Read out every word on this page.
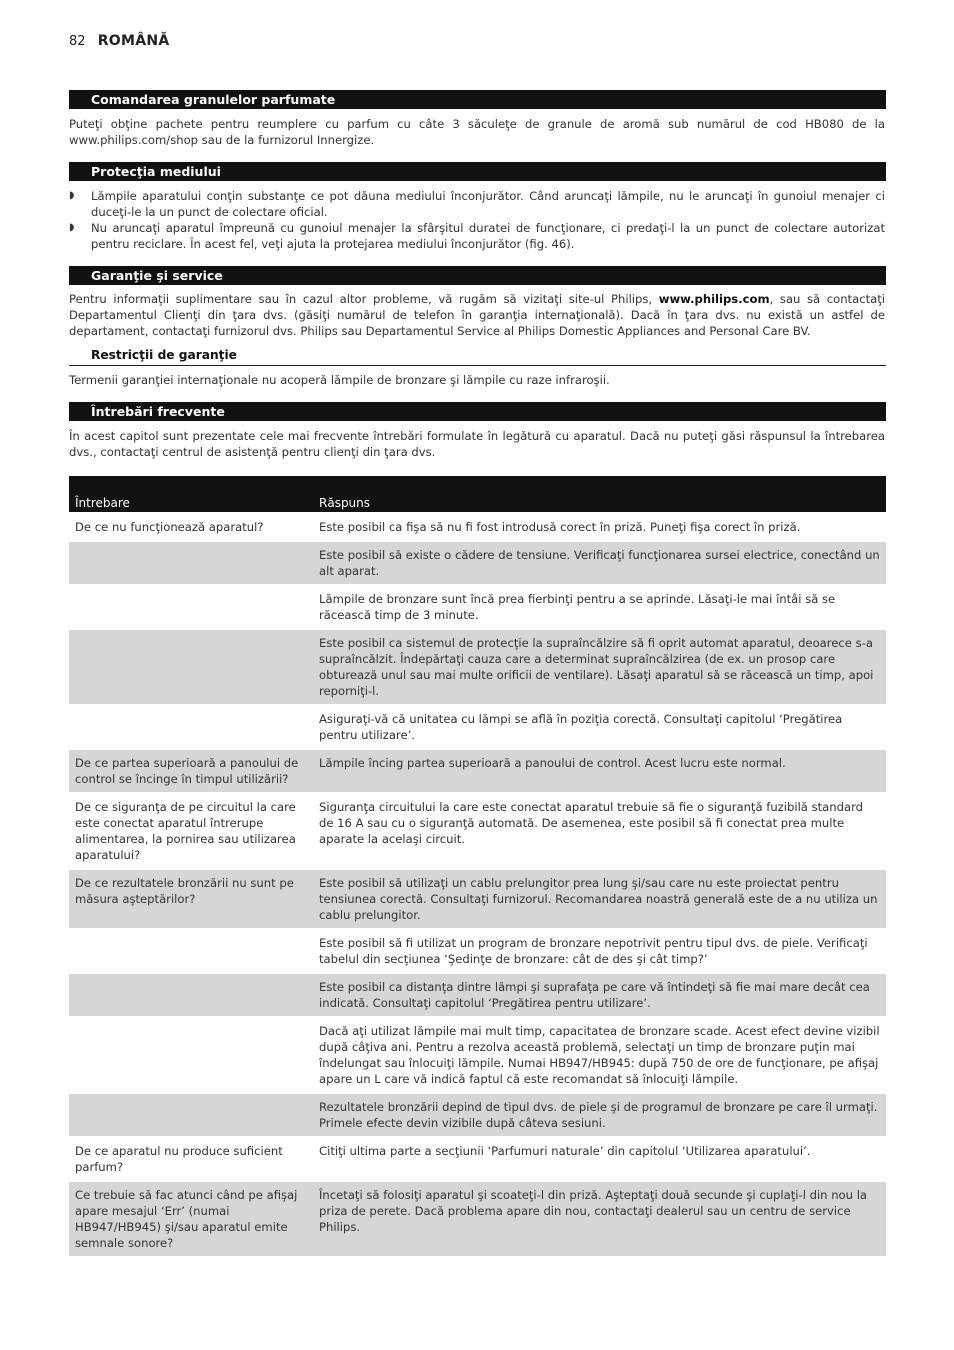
82 ROMÂNĂ
Comandarea granulelor parfumate
Puteţi obţine pachete pentru reumplere cu parfum cu câte 3 săculeţe de granule de aromă sub numărul de cod HB080 de la www.philips.com/shop sau de la furnizorul Innergize.
Protecţia mediului
◗ Lămpile aparatului conţin substanţe ce pot dăuna mediului înconjurător. Când aruncaţi lămpile, nu le aruncaţi în gunoiul menajer ci duceţi-le la un punct de colectare oficial.
◗ Nu aruncaţi aparatul împreună cu gunoiul menajer la sfârşitul duratei de funcţionare, ci predaţi-l la un punct de colectare autorizat pentru reciclare. În acest fel, veţi ajuta la protejarea mediului înconjurător (fig. 46).
Garanţie şi service
Pentru informaţii suplimentare sau în cazul altor probleme, vă rugăm să vizitaţi site-ul Philips, www.philips.com, sau să contactaţi Departamentul Clienţi din ţara dvs. (găsiţi numărul de telefon în garanţia internaţională). Dacă în ţara dvs. nu există un astfel de departament, contactaţi furnizorul dvs. Philips sau Departamentul Service al Philips Domestic Appliances and Personal Care BV.
Restricţii de garanţie
Termenii garanţiei internaţionale nu acoperă lămpile de bronzare şi lămpile cu raze infraroşii.
Întrebări frecvente
În acest capitol sunt prezentate cele mai frecvente întrebări formulate în legătură cu aparatul. Dacă nu puteţi găsi răspunsul la întrebarea dvs., contactaţi centrul de asistenţă pentru clienţi din ţara dvs.
Întrebare	Răspuns
De ce nu funcţionează aparatul?	Este posibil ca fişa să nu fi fost introdusă corect în priză. Puneţi fişa corect în priză.
	Este posibil să existe o cădere de tensiune. Verificaţi funcţionarea sursei electrice, conectând un alt aparat.
	Lămpile de bronzare sunt încă prea fierbinţi pentru a se aprinde. Lăsaţi-le mai întâi să se răcească timp de 3 minute.
	Este posibil ca sistemul de protecţie la supraîncălzire să fi oprit automat aparatul, deoarece s-a supraîncălzit. Îndepărtaţi cauza care a determinat supraîncălzirea (de ex. un prosop care obturează unul sau mai multe orificii de ventilare). Lăsaţi aparatul să se răcească un timp, apoi reporniţi-l.
	Asiguraţi-vă că unitatea cu lămpi se află în poziţia corectă. Consultaţi capitolul ‘Pregătirea pentru utilizare’.
De ce partea superioară a panoului de control se încinge în timpul utilizării?	Lămpile încing partea superioară a panoului de control. Acest lucru este normal.
De ce siguranţa de pe circuitul la care este conectat aparatul întrerupe alimentarea, la pornirea sau utilizarea aparatului?	Siguranţa circuitului la care este conectat aparatul trebuie să fie o siguranţă fuzibilă standard de 16 A sau cu o siguranţă automată. De asemenea, este posibil să fi conectat prea multe aparate la acelaşi circuit.
De ce rezultatele bronzării nu sunt pe măsura aşteptărilor?	Este posibil să utilizaţi un cablu prelungitor prea lung şi/sau care nu este proiectat pentru tensiunea corectă. Consultaţi furnizorul. Recomandarea noastră generală este de a nu utiliza un cablu prelungitor.
	Este posibil să fi utilizat un program de bronzare nepotrivit pentru tipul dvs. de piele. Verificaţi tabelul din secţiunea ‘Şedinţe de bronzare: cât de des şi cât timp?’
	Este posibil ca distanţa dintre lămpi şi suprafaţa pe care vă întindeţi să fie mai mare decât cea indicată. Consultaţi capitolul ‘Pregătirea pentru utilizare’.
	Dacă aţi utilizat lămpile mai mult timp, capacitatea de bronzare scade. Acest efect devine vizibil după câţiva ani. Pentru a rezolva această problemă, selectaţi un timp de bronzare puţin mai îndelungat sau înlocuiţi lămpile. Numai HB947/HB945: după 750 de ore de funcţionare, pe afişaj apare un L care vă indică faptul că este recomandat să înlocuiţi lămpile.
	Rezultatele bronzării depind de tipul dvs. de piele şi de programul de bronzare pe care îl urmaţi. Primele efecte devin vizibile după câteva sesiuni.
De ce aparatul nu produce suficient parfum?	Citiţi ultima parte a secţiunii ‘Parfumuri naturale’ din capitolul ‘Utilizarea aparatului’.
Ce trebuie să fac atunci când pe afişaj apare mesajul ‘Err’ (numai HB947/HB945) şi/sau aparatul emite semnale sonore?	Încetaţi să folosiţi aparatul şi scoateţi-l din priză. Aşteptaţi două secunde şi cuplaţi-l din nou la priza de perete. Dacă problema apare din nou, contactaţi dealerul sau un centru de service Philips.
